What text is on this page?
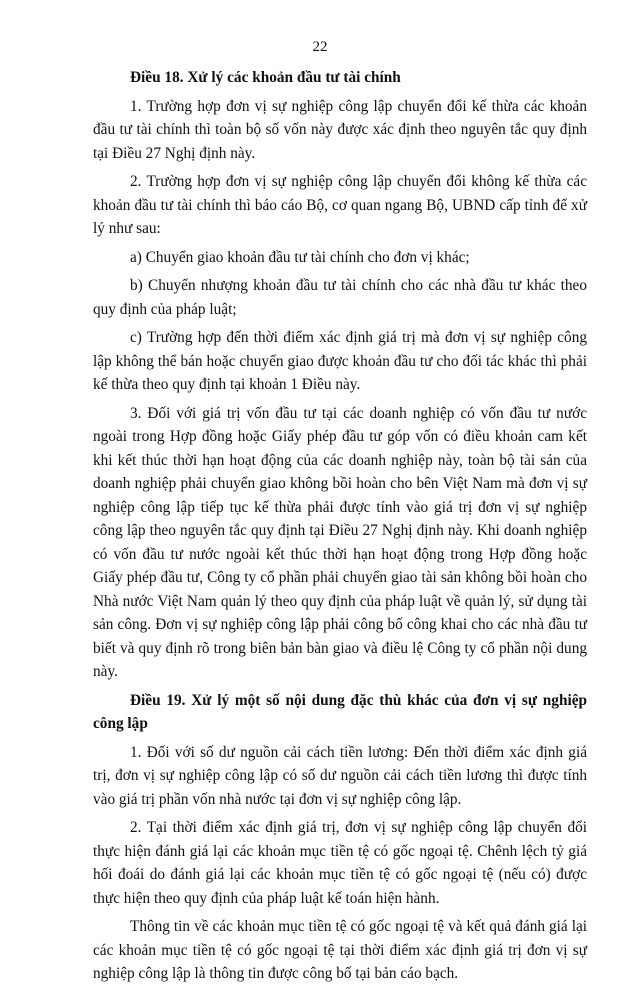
22
Điều 18. Xử lý các khoản đầu tư tài chính

1. Trường hợp đơn vị sự nghiệp công lập chuyển đổi kế thừa các khoản đầu tư tài chính thì toàn bộ số vốn này được xác định theo nguyên tắc quy định tại Điều 27 Nghị định này.

2. Trường hợp đơn vị sự nghiệp công lập chuyển đổi không kế thừa các khoản đầu tư tài chính thì báo cáo Bộ, cơ quan ngang Bộ, UBND cấp tỉnh để xử lý như sau:

a) Chuyển giao khoản đầu tư tài chính cho đơn vị khác;

b) Chuyển nhượng khoản đầu tư tài chính cho các nhà đầu tư khác theo quy định của pháp luật;

c) Trường hợp đến thời điểm xác định giá trị mà đơn vị sự nghiệp công lập không thể bán hoặc chuyển giao được khoản đầu tư cho đối tác khác thì phải kế thừa theo quy định tại khoản 1 Điều này.

3. Đối với giá trị vốn đầu tư tại các doanh nghiệp có vốn đầu tư nước ngoài trong Hợp đồng hoặc Giấy phép đầu tư góp vốn có điều khoản cam kết khi kết thúc thời hạn hoạt động của các doanh nghiệp này, toàn bộ tài sản của doanh nghiệp phải chuyển giao không bồi hoàn cho bên Việt Nam mà đơn vị sự nghiệp công lập tiếp tục kế thừa phải được tính vào giá trị đơn vị sự nghiệp công lập theo nguyên tắc quy định tại Điều 27 Nghị định này. Khi doanh nghiệp có vốn đầu tư nước ngoài kết thúc thời hạn hoạt động trong Hợp đồng hoặc Giấy phép đầu tư, Công ty cổ phần phải chuyển giao tài sản không bồi hoàn cho Nhà nước Việt Nam quản lý theo quy định của pháp luật về quản lý, sử dụng tài sản công. Đơn vị sự nghiệp công lập phải công bố công khai cho các nhà đầu tư biết và quy định rõ trong biên bản bàn giao và điều lệ Công ty cổ phần nội dung này.

Điều 19. Xử lý một số nội dung đặc thù khác của đơn vị sự nghiệp công lập

1. Đối với số dư nguồn cải cách tiền lương: Đến thời điểm xác định giá trị, đơn vị sự nghiệp công lập có số dư nguồn cải cách tiền lương thì được tính vào giá trị phần vốn nhà nước tại đơn vị sự nghiệp công lập.

2. Tại thời điểm xác định giá trị, đơn vị sự nghiệp công lập chuyển đổi thực hiện đánh giá lại các khoản mục tiền tệ có gốc ngoại tệ. Chênh lệch tỷ giá hối đoái do đánh giá lại các khoản mục tiền tệ có gốc ngoại tệ (nếu có) được thực hiện theo quy định của pháp luật kế toán hiện hành.

Thông tin về các khoản mục tiền tệ có gốc ngoại tệ và kết quả đánh giá lại các khoản mục tiền tệ có gốc ngoại tệ tại thời điểm xác định giá trị đơn vị sự nghiệp công lập là thông tin được công bố tại bản cáo bạch.
